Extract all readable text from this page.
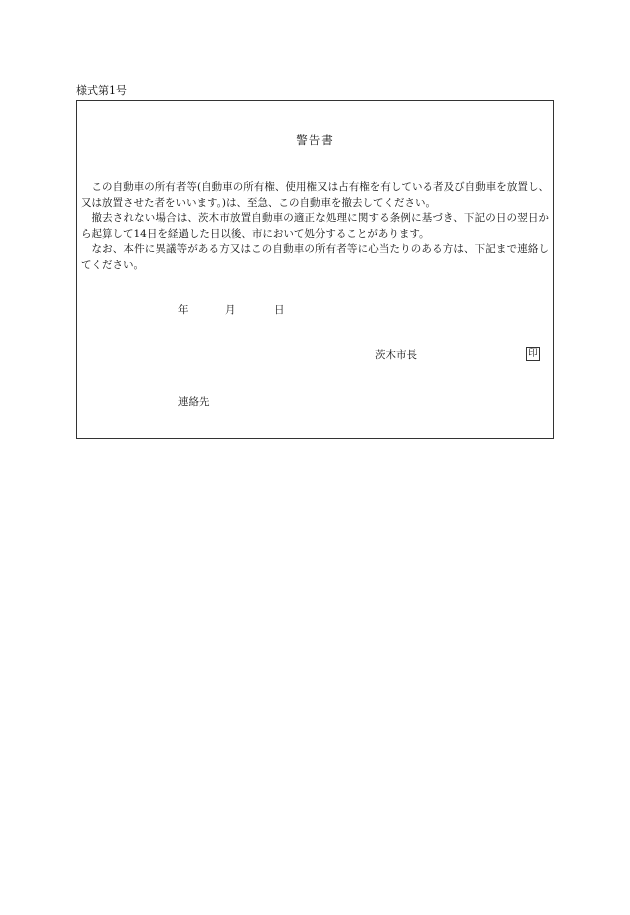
様式第1号
警告書

この自動車の所有者等(自動車の所有権、使用権又は占有権を有している者及び自動車を放置し、又は放置させた者をいいます。)は、至急、この自動車を撤去してください。

撤去されない場合は、茨木市放置自動車の適正な処理に関する条例に基づき、下記の日の翌日から起算して14日を経過した日以後、市において処分することがあります。

なお、本件に異議等がある方又はこの自動車の所有者等に心当たりのある方は、下記まで連絡してください。

年	月	日
茨木市長	印
連絡先
